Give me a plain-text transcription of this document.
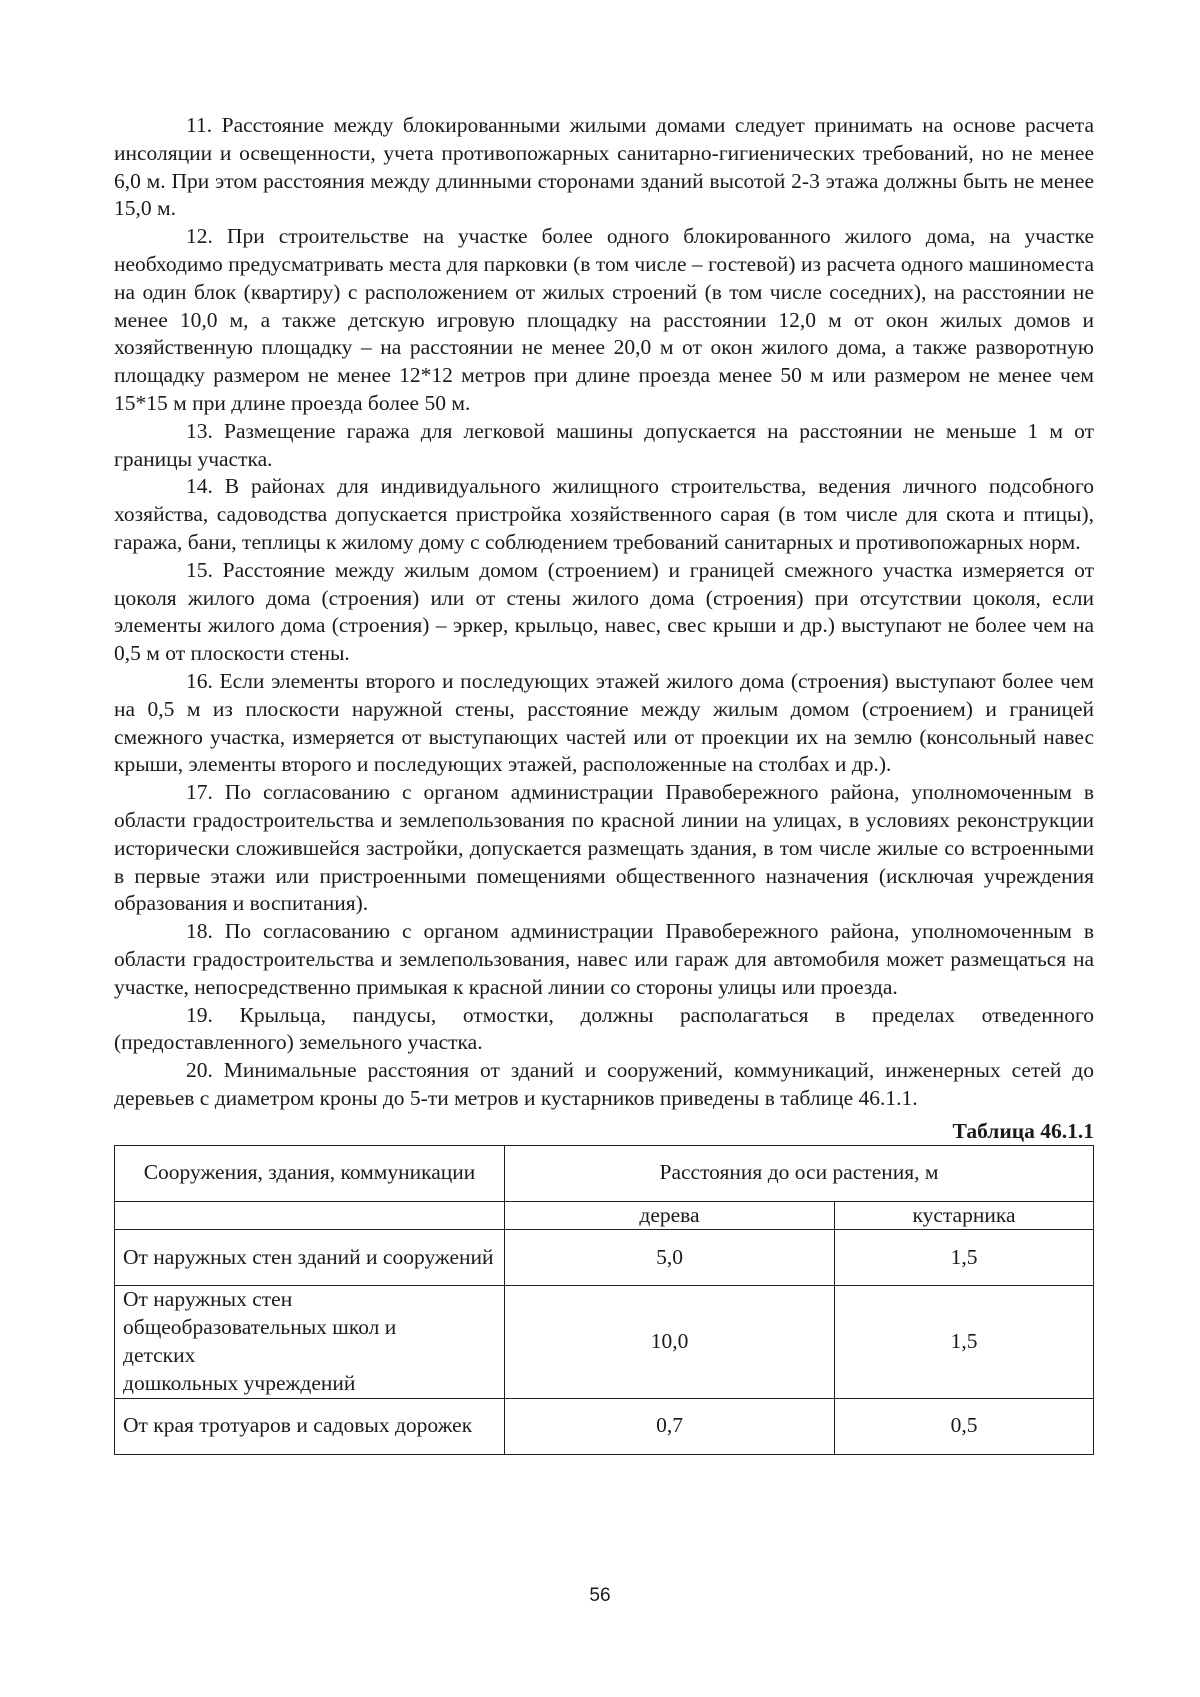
11. Расстояние между блокированными жилыми домами следует принимать на основе расчета инсоляции и освещенности, учета противопожарных санитарно-гигиенических требований, но не менее 6,0 м. При этом расстояния между длинными сторонами зданий высотой 2-3 этажа должны быть не менее 15,0 м.

12. При строительстве на участке более одного блокированного жилого дома, на участке необходимо предусматривать места для парковки (в том числе – гостевой) из расчета одного машиноместа на один блок (квартиру) с расположением от жилых строений (в том числе соседних), на расстоянии не менее 10,0 м, а также детскую игровую площадку на расстоянии 12,0 м от окон жилых домов и хозяйственную площадку – на расстоянии не менее 20,0 м от окон жилого дома, а также разворотную площадку размером не менее 12*12 метров при длине проезда менее 50 м или размером не менее чем 15*15 м при длине проезда более 50 м.

13. Размещение гаража для легковой машины допускается на расстоянии не меньше 1 м от границы участка.

14. В районах для индивидуального жилищного строительства, ведения личного подсобного хозяйства, садоводства допускается пристройка хозяйственного сарая (в том числе для скота и птицы), гаража, бани, теплицы к жилому дому с соблюдением требований санитарных и противопожарных норм.

15. Расстояние между жилым домом (строением) и границей смежного участка измеряется от цоколя жилого дома (строения) или от стены жилого дома (строения) при отсутствии цоколя, если элементы жилого дома (строения) – эркер, крыльцо, навес, свес крыши и др.) выступают не более чем на 0,5 м от плоскости стены.

16. Если элементы второго и последующих этажей жилого дома (строения) выступают более чем на 0,5 м из плоскости наружной стены, расстояние между жилым домом (строением) и границей смежного участка, измеряется от выступающих частей или от проекции их на землю (консольный навес крыши, элементы второго и последующих этажей, расположенные на столбах и др.).

17. По согласованию с органом администрации Правобережного района, уполномоченным в области градостроительства и землепользования по красной линии на улицах, в условиях реконструкции исторически сложившейся застройки, допускается размещать здания, в том числе жилые со встроенными в первые этажи или пристроенными помещениями общественного назначения (исключая учреждения образования и воспитания).

18. По согласованию с органом администрации Правобережного района, уполномоченным в области градостроительства и землепользования, навес или гараж для автомобиля может размещаться на участке, непосредственно примыкая к красной линии со стороны улицы или проезда.

19. Крыльца, пандусы, отмостки, должны располагаться в пределах отведенного (предоставленного) земельного участка.

20. Минимальные расстояния от зданий и сооружений, коммуникаций, инженерных сетей до деревьев с диаметром кроны до 5-ти метров и кустарников приведены в таблице 46.1.1.

Таблица 46.1.1
Сооружения, здания, коммуникации	Расстояния до оси растения, м	
	дерева	кустарника
От наружных стен зданий и сооружений	5,0	1,5
От наружных стен
общеобразовательных школ и
детских
дошкольных учреждений	10,0	1,5
От края тротуаров и садовых дорожек	0,7	0,5
56
